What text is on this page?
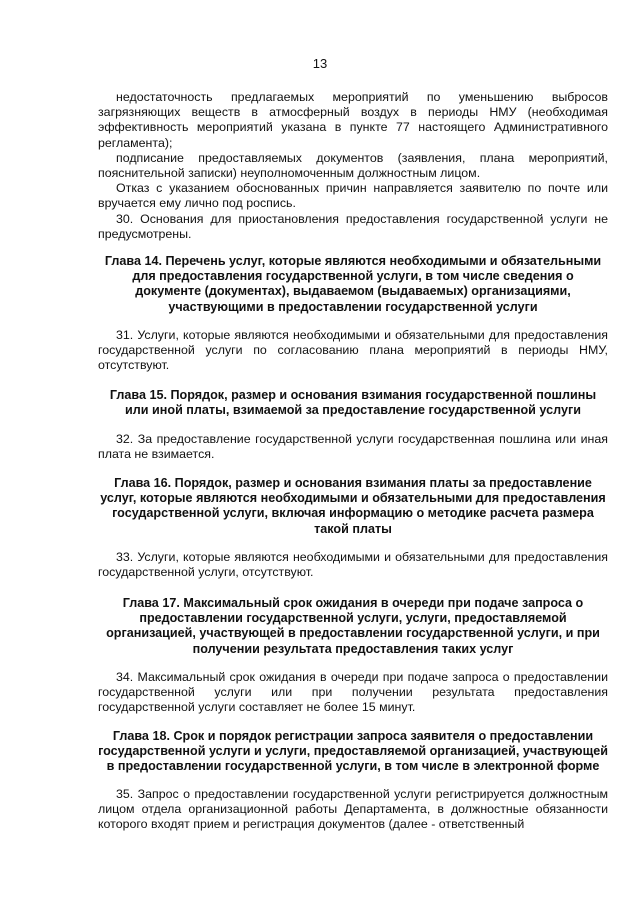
13

недостаточность предлагаемых мероприятий по уменьшению выбросов загрязняющих веществ в атмосферный воздух в периоды НМУ (необходимая эффективность мероприятий указана в пункте 77 настоящего Административного регламента);

подписание предоставляемых документов (заявления, плана мероприятий, пояснительной записки) неуполномоченным должностным лицом.

Отказ с указанием обоснованных причин направляется заявителю по почте или вручается ему лично под роспись.

30. Основания для приостановления предоставления государственной услуги не предусмотрены.

Глава 14. Перечень услуг, которые являются необходимыми и обязательными для предоставления государственной услуги, в том числе сведения о документе (документах), выдаваемом (выдаваемых) организациями, участвующими в предоставлении государственной услуги

31. Услуги, которые являются необходимыми и обязательными для предоставления государственной услуги по согласованию плана мероприятий в периоды НМУ, отсутствуют.

Глава 15. Порядок, размер и основания взимания государственной пошлины или иной платы, взимаемой за предоставление государственной услуги

32. За предоставление государственной услуги государственная пошлина или иная плата не взимается.

Глава 16. Порядок, размер и основания взимания платы за предоставление услуг, которые являются необходимыми и обязательными для предоставления государственной услуги, включая информацию о методике расчета размера такой платы

33. Услуги, которые являются необходимыми и обязательными для предоставления государственной услуги, отсутствуют.

Глава 17. Максимальный срок ожидания в очереди при подаче запроса о предоставлении государственной услуги, услуги, предоставляемой организацией, участвующей в предоставлении государственной услуги, и при получении результата предоставления таких услуг

34. Максимальный срок ожидания в очереди при подаче запроса о предоставлении государственной услуги или при получении результата предоставления государственной услуги составляет не более 15 минут.

Глава 18. Срок и порядок регистрации запроса заявителя о предоставлении государственной услуги и услуги, предоставляемой организацией, участвующей в предоставлении государственной услуги, в том числе в электронной форме

35. Запрос о предоставлении государственной услуги регистрируется должностным лицом отдела организационной работы Департамента, в должностные обязанности которого входят прием и регистрация документов (далее - ответственный
